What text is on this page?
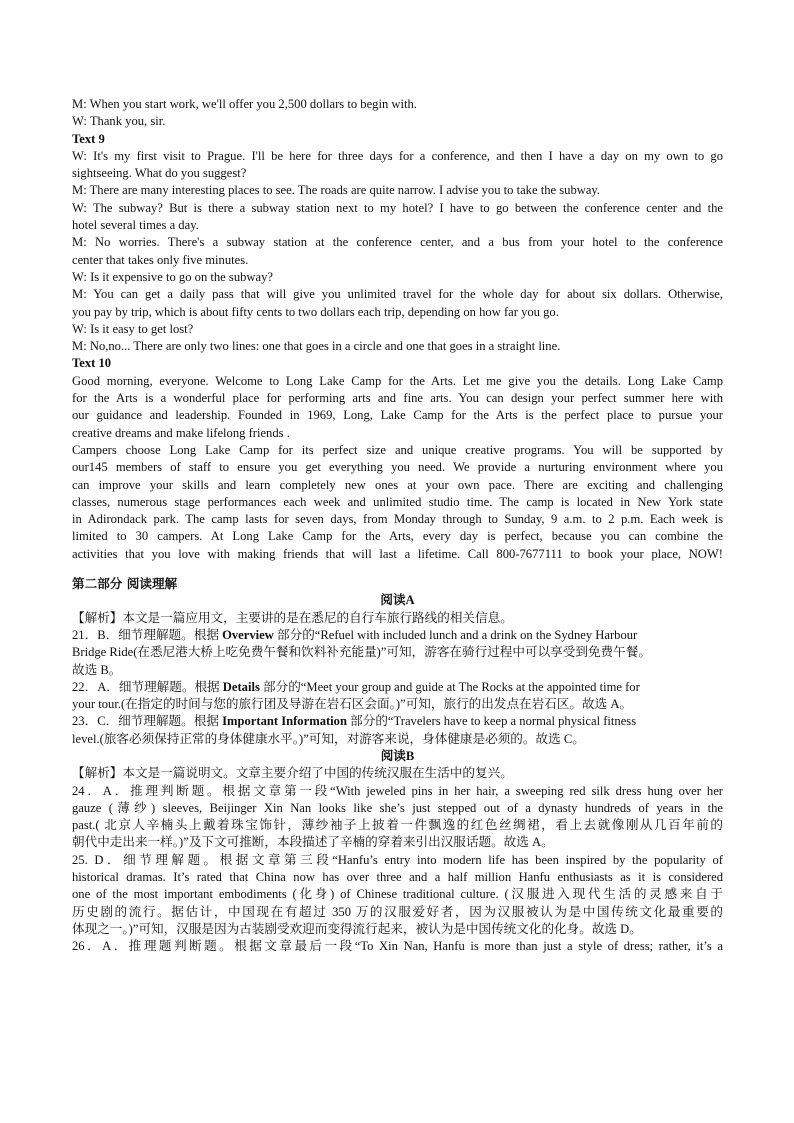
M: When you start work, we'll offer you 2,500 dollars to begin with.
W: Thank you, sir.
Text 9
W: It's my first visit to Prague. I'll be here for three days for a conference, and then I have a day on my own to go
sightseeing. What do you suggest?
M: There are many interesting places to see. The roads are quite narrow. I advise you to take the subway.
W: The subway? But is there a subway station next to my hotel? I have to go between the conference center and the
hotel several times a day.
M: No worries. There's a subway station at the conference center, and a bus from your hotel to the conference
center that takes only five minutes.
W: Is it expensive to go on the subway?
M: You can get a daily pass that will give you unlimited travel for the whole day for about six dollars. Otherwise,
you pay by trip, which is about fifty cents to two dollars each trip, depending on how far you go.
W: Is it easy to get lost?
M: No,no... There are only two lines: one that goes in a circle and one that goes in a straight line.
Text 10
Good morning, everyone. Welcome to Long Lake Camp for the Arts. Let me give you the details. Long Lake Camp
for the Arts is a wonderful place for performing arts and fine arts. You can design your perfect summer here with
our guidance and leadership. Founded in 1969, Long, Lake Camp for the Arts is the perfect place to pursue your
creative dreams and make lifelong friends .
Campers choose Long Lake Camp for its perfect size and unique creative programs. You will be supported by
our145 members of staff to ensure you get everything you need. We provide a nurturing environment where you
can improve your skills and learn completely new ones at your own pace. There are exciting and challenging
classes, numerous stage performances each week and unlimited studio time. The camp is located in New York state
in Adirondack park. The camp lasts for seven days, from Monday through to Sunday, 9 a.m. to 2 p.m. Each week is
limited to 30 campers. At Long Lake Camp for the Arts, every day is perfect, because you can combine the
activities that you love with making friends that will last a lifetime. Call 800-7677111 to book your place, NOW!
第二部分 阅读理解
阅读A
【解析】本文是一篇应用文，主要讲的是在悉尼的自行车旅行路线的相关信息。
21．B．细节理解题。根据 Overview 部分的“Refuel with included lunch and a drink on the Sydney Harbour
Bridge Ride(在悉尼港大桥上吃免费午餐和饮料补充能量)”可知，游客在骑行过程中可以享受到免费午餐。
故选 B。
22．A．细节理解题。根据 Details 部分的“Meet your group and guide at The Rocks at the appointed time for
your tour.(在指定的时间与您的旅行团及导游在岩石区会面。)”可知，旅行的出发点在岩石区。故选 A。
23．C．细节理解题。根据 Important Information 部分的“Travelers have to keep a normal physical fitness
level.(旅客必须保持正常的身体健康水平。)”可知，对游客来说，身体健康是必须的。故选 C。
阅读B
【解析】本文是一篇说明文。文章主要介绍了中国的传统汉服在生活中的复兴。
24．A．推理判断题。根据文章第一段“With jeweled pins in her hair, a sweeping red silk dress hung over her
gauze (薄纱) sleeves, Beijinger Xin Nan looks like she’s just stepped out of a dynasty hundreds of years in the
past.( 北京人辛楠头上戴着珠宝饰针，薄纱袖子上披着一件飘逸的红色丝绸裙，看上去就像刚从几百年前的
朝代中走出来一样。)”及下文可推断，本段描述了辛楠的穿着来引出汉服话题。故选 A。
25. D．细节理解题。根据文章第三段“Hanfu’s entry into modern life has been inspired by the popularity of
historical dramas. It’s rated that China now has over three and a half million Hanfu enthusiasts as it is considered
one of the most important embodiments (化身) of Chinese traditional culture. (汉服进入现代生活的灵感来自于
历史剧的流行。据估计，中国现在有超过 350 万的汉服爱好者，因为汉服被认为是中国传统文化最重要的
体现之一。)”可知，汉服是因为古装剧受欢迎而变得流行起来，被认为是中国传统文化的化身。故选 D。
26．A．推理题判断题。根据文章最后一段“To Xin Nan, Hanfu is more than just a style of dress; rather, it’s a
